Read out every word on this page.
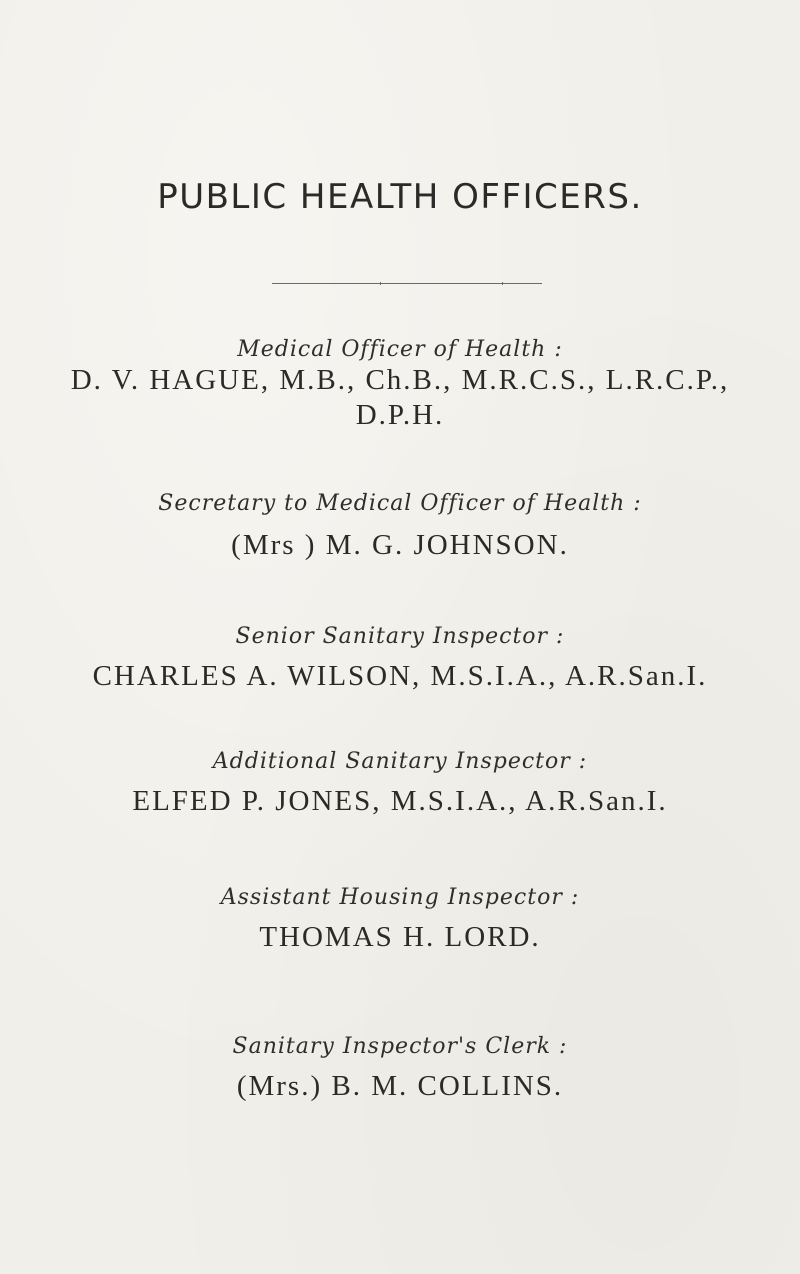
PUBLIC HEALTH OFFICERS.
Medical Officer of Health :
D. V. HAGUE, M.B., Ch.B., M.R.C.S., L.R.C.P.,
D.P.H.
Secretary to Medical Officer of Health :
(Mrs ) M. G. JOHNSON.
Senior Sanitary Inspector :
CHARLES A. WILSON, M.S.I.A., A.R.San.I.
Additional Sanitary Inspector :
ELFED P. JONES, M.S.I.A., A.R.San.I.
Assistant Housing Inspector :
THOMAS H. LORD.
Sanitary Inspector's Clerk :
(Mrs.) B. M. COLLINS.
